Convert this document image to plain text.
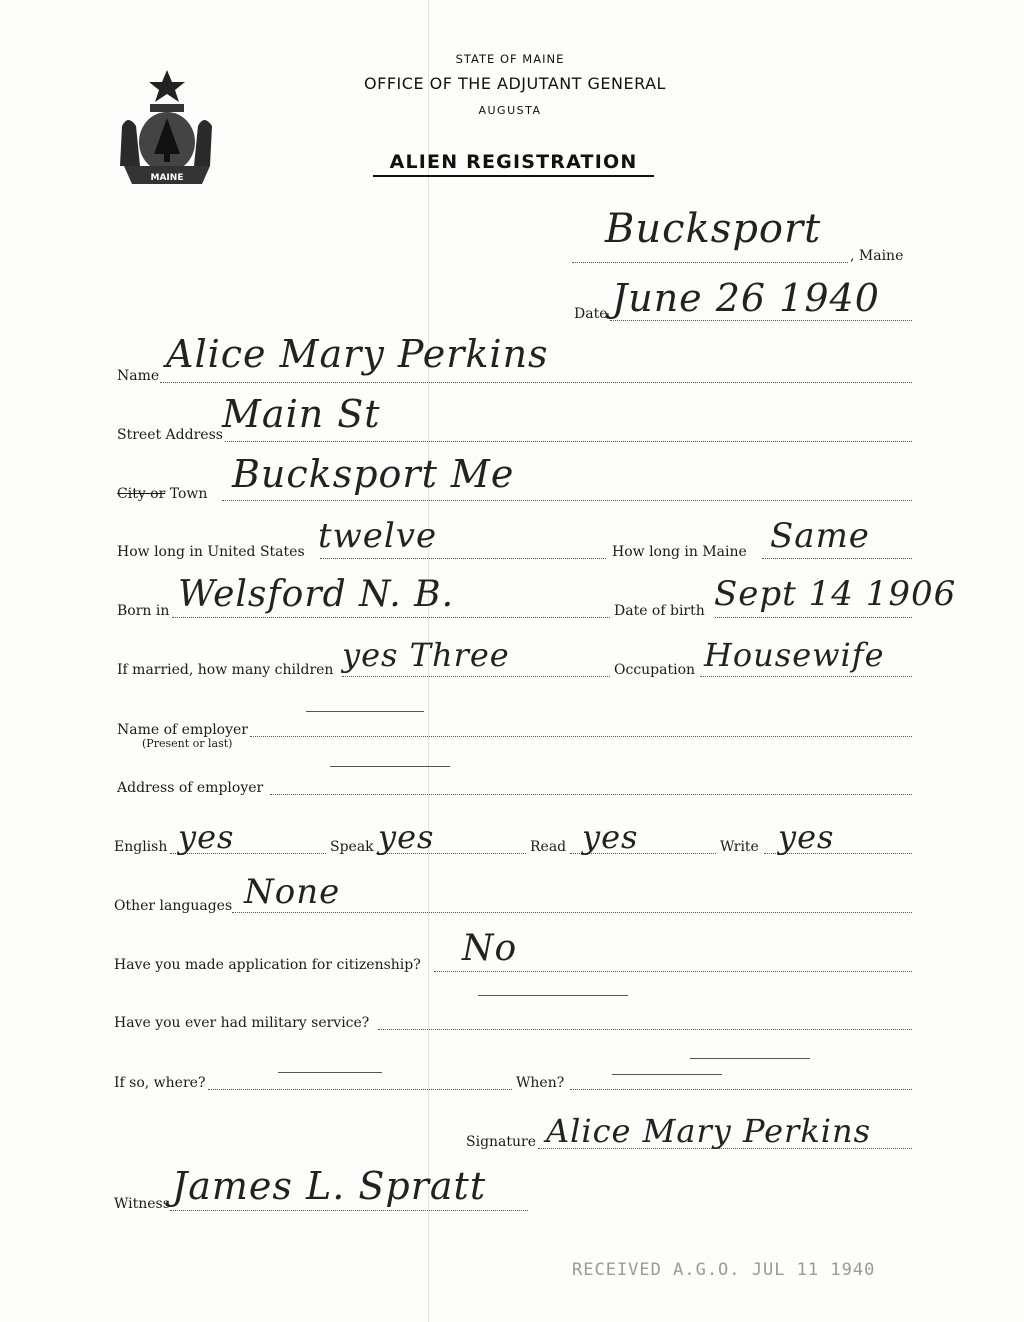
MAINE
STATE OF MAINE
OFFICE OF THE ADJUTANT GENERAL
AUGUSTA
ALIEN REGISTRATION
Bucksport
, Maine
Date June 26 1940
Name Alice Mary Perkins
Street Address Main St
City or Town Bucksport Me
How long in United States twelve	How long in Maine Same
Born in Welsford N. B.	Date of birth Sept 14 1906
If married, how many children yes Three	Occupation Housewife
Name of employer
(Present or last)
Address of employer
English yes	Speak yes	Read yes	Write yes
Other languages None
Have you made application for citizenship? No
Have you ever had military service?
If so, where?	When?
Signature Alice Mary Perkins
Witness James L. Spratt
RECEIVED A.G.O. JUL 11 1940
